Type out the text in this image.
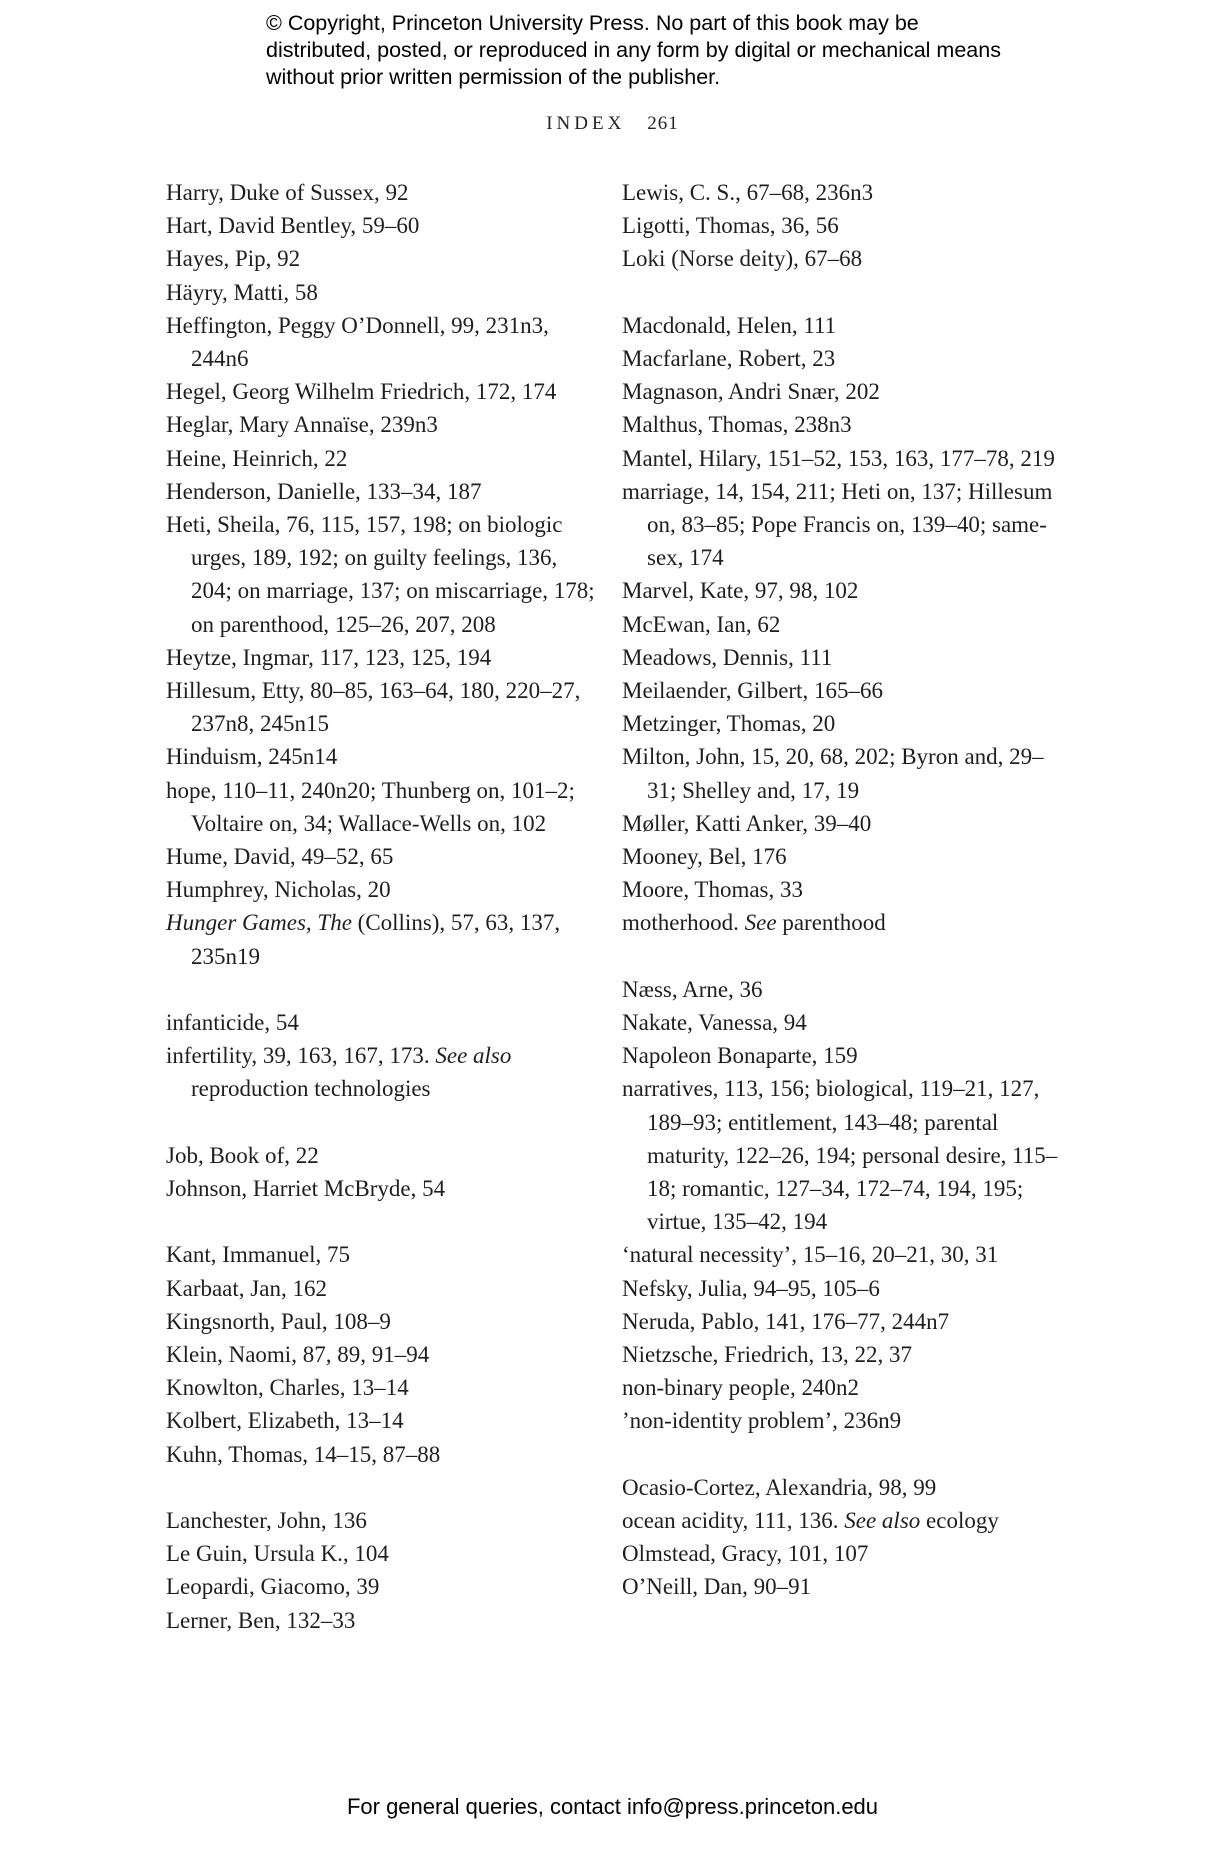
© Copyright, Princeton University Press. No part of this book may be distributed, posted, or reproduced in any form by digital or mechanical means without prior written permission of the publisher.
INDEX 261
Harry, Duke of Sussex, 92
Hart, David Bentley, 59–60
Hayes, Pip, 92
Häyry, Matti, 58
Heffington, Peggy O’Donnell, 99, 231n3, 244n6
Hegel, Georg Wilhelm Friedrich, 172, 174
Heglar, Mary Annaïse, 239n3
Heine, Heinrich, 22
Henderson, Danielle, 133–34, 187
Heti, Sheila, 76, 115, 157, 198; on biologic urges, 189, 192; on guilty feelings, 136, 204; on marriage, 137; on miscarriage, 178; on parenthood, 125–26, 207, 208
Heytze, Ingmar, 117, 123, 125, 194
Hillesum, Etty, 80–85, 163–64, 180, 220–27, 237n8, 245n15
Hinduism, 245n14
hope, 110–11, 240n20; Thunberg on, 101–2; Voltaire on, 34; Wallace-Wells on, 102
Hume, David, 49–52, 65
Humphrey, Nicholas, 20
Hunger Games, The (Collins), 57, 63, 137, 235n19
infanticide, 54
infertility, 39, 163, 167, 173. See also reproduction technologies
Job, Book of, 22
Johnson, Harriet McBryde, 54
Kant, Immanuel, 75
Karbaat, Jan, 162
Kingsnorth, Paul, 108–9
Klein, Naomi, 87, 89, 91–94
Knowlton, Charles, 13–14
Kolbert, Elizabeth, 13–14
Kuhn, Thomas, 14–15, 87–88
Lanchester, John, 136
Le Guin, Ursula K., 104
Leopardi, Giacomo, 39
Lerner, Ben, 132–33
Lewis, C. S., 67–68, 236n3
Ligotti, Thomas, 36, 56
Loki (Norse deity), 67–68
Macdonald, Helen, 111
Macfarlane, Robert, 23
Magnason, Andri Snær, 202
Malthus, Thomas, 238n3
Mantel, Hilary, 151–52, 153, 163, 177–78, 219
marriage, 14, 154, 211; Heti on, 137; Hillesum on, 83–85; Pope Francis on, 139–40; same-sex, 174
Marvel, Kate, 97, 98, 102
McEwan, Ian, 62
Meadows, Dennis, 111
Meilaender, Gilbert, 165–66
Metzinger, Thomas, 20
Milton, John, 15, 20, 68, 202; Byron and, 29–31; Shelley and, 17, 19
Møller, Katti Anker, 39–40
Mooney, Bel, 176
Moore, Thomas, 33
motherhood. See parenthood
Næss, Arne, 36
Nakate, Vanessa, 94
Napoleon Bonaparte, 159
narratives, 113, 156; biological, 119–21, 127, 189–93; entitlement, 143–48; parental maturity, 122–26, 194; personal desire, 115–18; romantic, 127–34, 172–74, 194, 195; virtue, 135–42, 194
‘natural necessity’, 15–16, 20–21, 30, 31
Nefsky, Julia, 94–95, 105–6
Neruda, Pablo, 141, 176–77, 244n7
Nietzsche, Friedrich, 13, 22, 37
non-binary people, 240n2
’non-identity problem’, 236n9
Ocasio-Cortez, Alexandria, 98, 99
ocean acidity, 111, 136. See also ecology
Olmstead, Gracy, 101, 107
O’Neill, Dan, 90–91
For general queries, contact info@press.princeton.edu
